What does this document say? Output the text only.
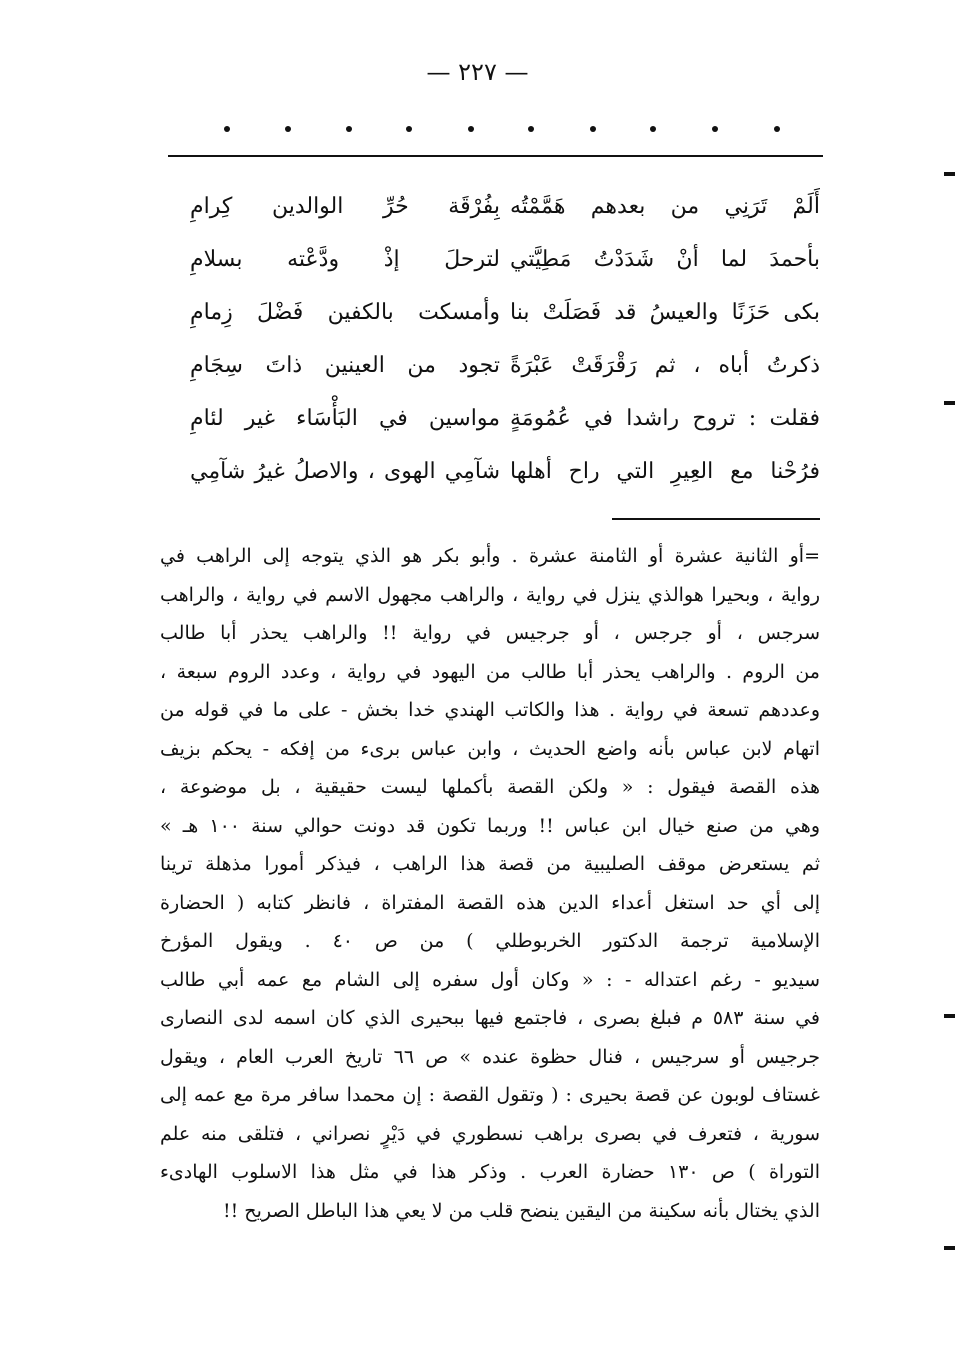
— ٢٢٧ —
أَلَمْ تَرَنِي من بعدهم هَمَّمْتُه
بأحمدَ لما أنْ شَدَدْتُ مَطِيَّتي
بكى حَزَنًا والعيسُ قد فَصَلَتْ بنا
ذكرتُ أباه ، ثم رَقْرَقَتْ عَبْرَةً
فقلت : تروح راشدا في عُمُومَةٍ
فرُحْنا مع العِيرِ التي راح أهلها
بِفُرْقَة حُرِّ الوالدين كِرامِ
لترحلَ إذْ ودَّعْته بسلامِ
وأمسكت بالكفين فَضْلَ زِمامِ
تجود من العينين ذاتَ سِجَامِ
مواسين في البَأْسَاء غير لئامِ
شآمِي الهوى ، والاصلُ غيرُ شآمِي
=أو الثانية عشرة أو الثامنة عشرة . وأبو بكر هو الذي يتوجه إلى الراهب في
رواية ، وبحيرا هوالذي ينزل في رواية ، والراهب مجهول الاسم في رواية ، والراهب
سرجس ، أو جرجس ، أو جرجيس في رواية !! والراهب يحذر أبا طالب
من الروم . والراهب يحذر أبا طالب من اليهود في رواية ، وعدد الروم سبعة ،
وعددهم تسعة في رواية . هذا والكاتب الهندي خدا بخش - على ما في قوله من
اتهام لابن عباس بأنه واضع الحديث ، وابن عباس برىء من إفكه - يحكم بزيف
هذه القصة فيقول : « ولكن القصة بأكملها ليست حقيقية ، بل موضوعة ،
وهي من صنع خيال ابن عباس !! وربما تكون قد دونت حوالي سنة ١٠٠ هـ »
ثم يستعرض موقف الصليبية من قصة هذا الراهب ، فيذكر أمورا مذهلة ترينا
إلى أي حد استغل أعداء الدين هذه القصة المفتراة ، فانظر كتابه ( الحضارة
الإسلامية ترجمة الدكتور الخربوطلي ) من ص ٤٠ . ويقول المؤرخ
سيديو - رغم اعتداله - : « وكان أول سفره إلى الشام مع عمه أبي طالب
في سنة ٥٨٣ م فبلغ بصرى ، فاجتمع فيها ببحيرى الذي كان اسمه لدى النصارى
جرجيس أو سرجيس ، فنال حظوة عنده » ص ٦٦ تاريخ العرب العام ، ويقول
غستاف لوبون عن قصة بحيرى : ( وتقول القصة : إن محمدا سافر مرة مع عمه إلى
سورية ، فتعرف في بصرى براهب نسطوري في دَيْرٍ نصراني ، فتلقى منه علم
التوراة ) ص ١٣٠ حضارة العرب . وذكر هذا في مثل هذا الاسلوب الهادىء
الذي يختال بأنه سكينة من اليقين ينضح قلب من لا يعي هذا الباطل الصريح !!
